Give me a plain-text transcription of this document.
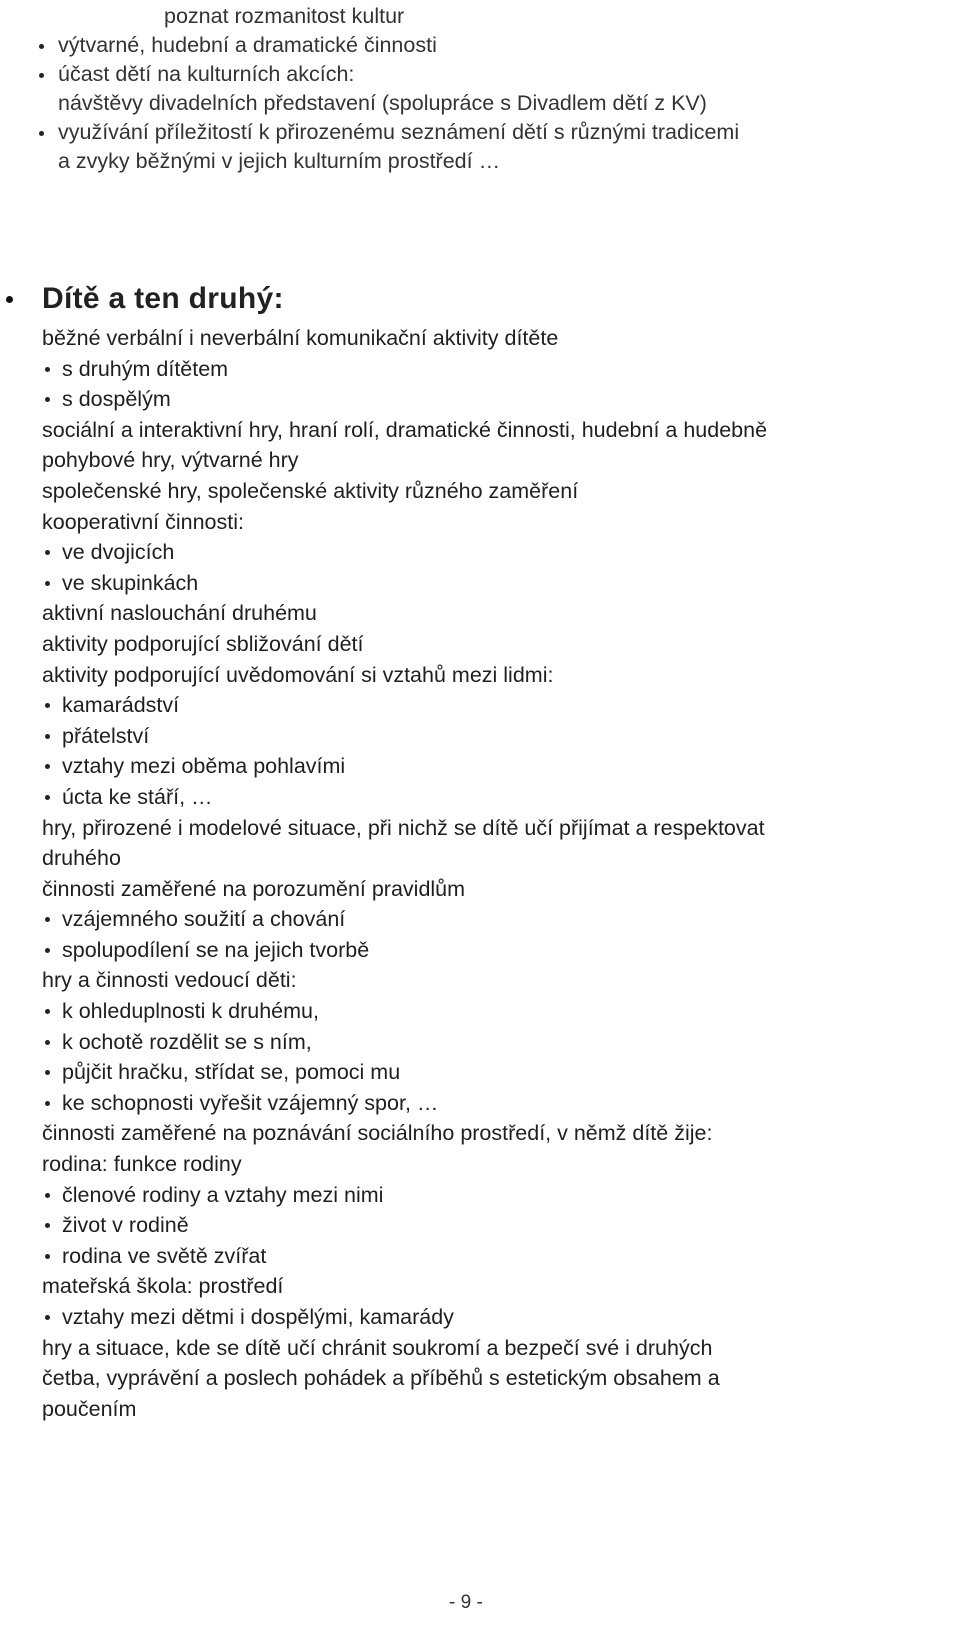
poznat rozmanitost kultur
výtvarné, hudební a dramatické činnosti
účast dětí na kulturních akcích:
návštěvy divadelních představení (spolupráce s Divadlem dětí z KV)
využívání příležitostí k přirozenému seznámení dětí s různými tradicemi
a zvyky běžnými v jejich kulturním prostředí …
Dítě a ten druhý:
běžné verbální i neverbální komunikační aktivity dítěte
s druhým dítětem
s dospělým
sociální a interaktivní hry, hraní rolí, dramatické činnosti, hudební a hudebně
pohybové hry, výtvarné hry
společenské hry, společenské aktivity různého zaměření
kooperativní činnosti:
ve dvojicích
ve skupinkách
aktivní naslouchání druhému
aktivity podporující sbližování dětí
aktivity podporující uvědomování si vztahů mezi lidmi:
kamarádství
přátelství
vztahy mezi oběma pohlavími
úcta ke stáří, …
hry, přirozené i modelové situace, při nichž se dítě učí přijímat a respektovat
druhého
činnosti zaměřené na porozumění pravidlům
vzájemného soužití a chování
spolupodílení se na jejich tvorbě
hry a činnosti vedoucí děti:
k ohleduplnosti k druhému,
k ochotě rozdělit se s ním,
půjčit hračku, střídat se, pomoci mu
ke schopnosti vyřešit vzájemný spor, …
činnosti zaměřené na poznávání sociálního prostředí, v němž dítě žije:
rodina: funkce rodiny
členové rodiny a vztahy mezi nimi
život v rodině
rodina ve světě zvířat
mateřská škola: prostředí
vztahy mezi dětmi i dospělými, kamarády
hry a situace, kde se dítě učí chránit soukromí a bezpečí své i druhých
četba, vyprávění a poslech pohádek a příběhů s estetickým obsahem a
poučením
- 9 -
